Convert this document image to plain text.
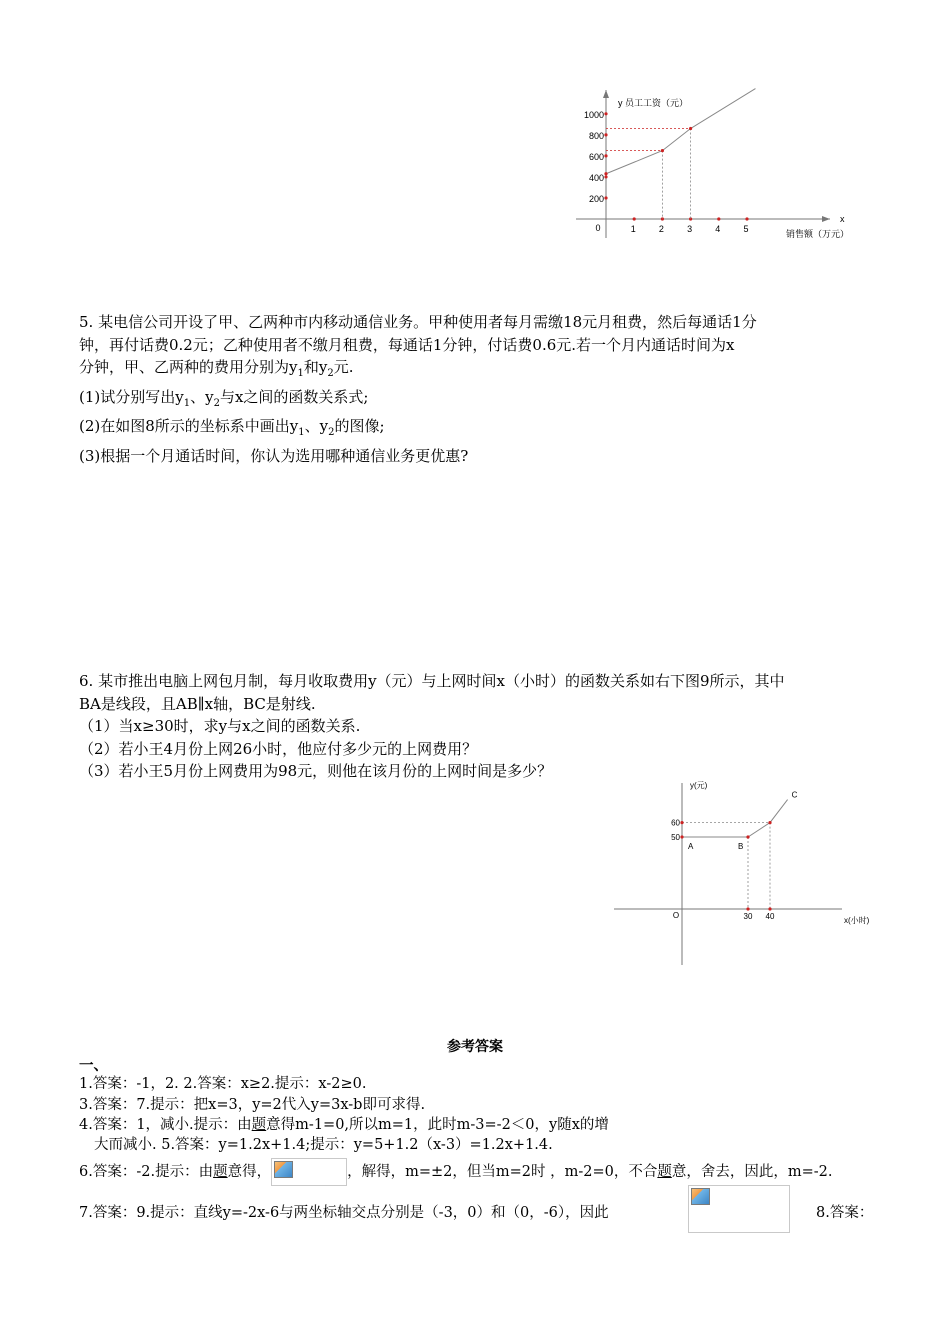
y 员工工资（元）
x
销售额（万元）
0
200
400
600
800
1000
1	2	3	4	5
5. 某电信公司开设了甲、乙两种市内移动通信业务。甲种使用者每月需缴18元月租费，然后每通话1分
钟，再付话费0.2元；乙种使用者不缴月租费，每通话1分钟，付话费0.6元.若一个月内通话时间为x
分钟，甲、乙两种的费用分别为$y_1$和$y_2$元.
(1)试分别写出$y_1$、$y_2$与x之间的函数关系式;
(2)在如图8所示的坐标系中画出$y_1$、$y_2$的图像;
(3)根据一个月通话时间，你认为选用哪种通信业务更优惠?
6. 某市推出电脑上网包月制，每月收取费用y（元）与上网时间x（小时）的函数关系如右下图9所示，其中
BA是线段，且AB∥x轴，BC是射线.
（1）当x≥30时，求y与x之间的函数关系.
（2）若小王4月份上网26小时，他应付多少元的上网费用？
（3）若小王5月份上网费用为98元，则他在该月份的上网时间是多少？
y(元)
x(小时)
O
60
50
30 40
A	B
C
参考答案
一、
1.答案：-1，2. 2.答案：x≥2.提示：x-2≥0.
3.答案：7.提示：把x=3，y=2代入y=3x-b即可求得.
4.答案：1，减小.提示：由题意得m-1=0,所以m=1，此时m-3=-2＜0，y随x的增
大而减小. 5.答案：y=1.2x+1.4;提示：y=5+1.2（x-3）=1.2x+1.4.
6.答案：-2.提示：由题意得，	，解得，m=±2，但当m=2时 ，m-2=0，不合题意，舍去，因此，m=-2.
7.答案：9.提示：直线y=-2x-6与两坐标轴交点分别是（-3，0）和（0，-6），因此	8.答案：
